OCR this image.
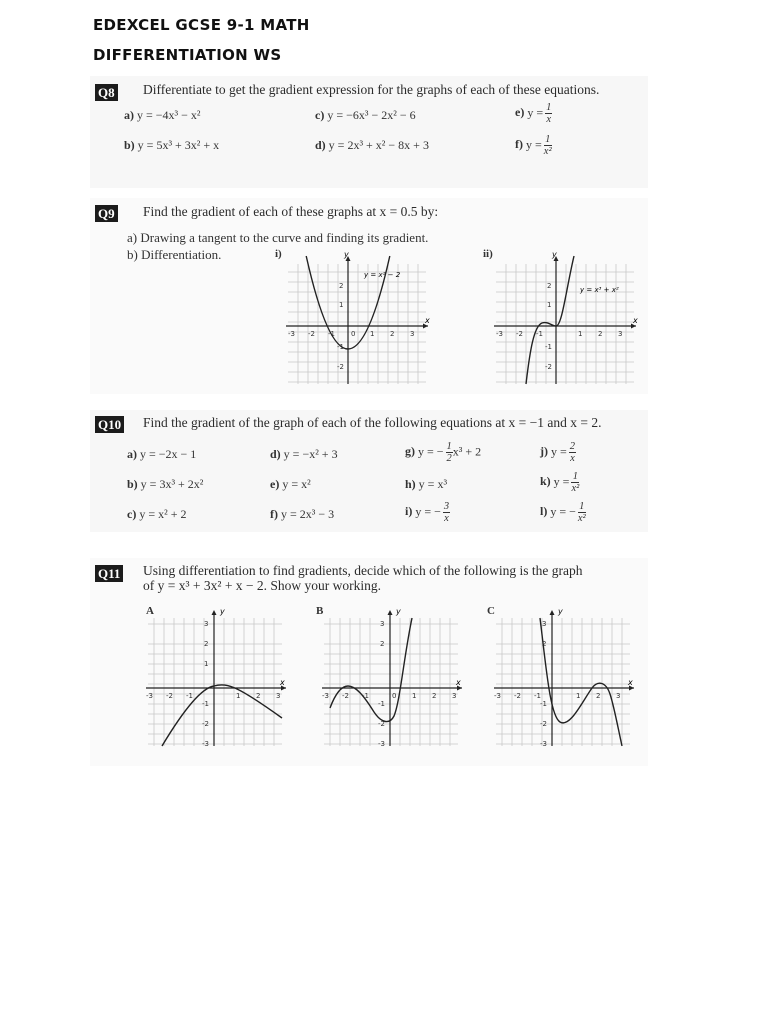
EDEXCEL GCSE 9-1 MATH
DIFFERENTIATION WS
Q8 Differentiate to get the gradient expression for the graphs of each of these equations.
a) y = −4x³ − x²
b) y = 5x³ + 3x² + x
c) y = −6x³ − 2x² − 6
d) y = 2x³ + x² − 8x + 3
e) $y = \frac{1}{x}$
f) $y = \frac{1}{\text{x²}}$
Q9 Find the gradient of each of these graphs at x = 0.5 by:
a) Drawing a tangent to the curve and finding its gradient.
b) Differentiation.	i)	ii)
x
y
-3 -2 -1 0 1 2 3
2
1
-1
-2
y = x² − 2
x
y
-3 -2 -1	1 2 3
2
1
-1
-2
y = x³ + x²
Q10 Find the gradient of the graph of each of the following equations at x = −1 and x = 2.
a) y = −2x − 1
b) y = 3x³ + 2x²
c) y = x² + 2
d) y = −x² + 3
e) y = x²
f) y = 2x³ − 3
g) y = − $\frac{1}{2} x^3 + 2$
h) y = x³
i) y = − $\frac{3}{x}$
j) $y = \frac{2}{x}$
k) $y = \frac{1}{\text{x²}}$
l) y = − $\frac{1}{\text{x²}}$
Q11 Using differentiation to find gradients, decide which of the following is the graph
of y = x³ + 3x² + x − 2. Show your working.
A	B	C
x
y
-3 -2 -1	1 2 3
3
2
1
-1
-2
-3
x
y
-3 -2 -1	0 1 2 3
3
2
-1
-2
-3
x
y
-3 -2 -1	1 2 3
3
2
-1
-2
-3
